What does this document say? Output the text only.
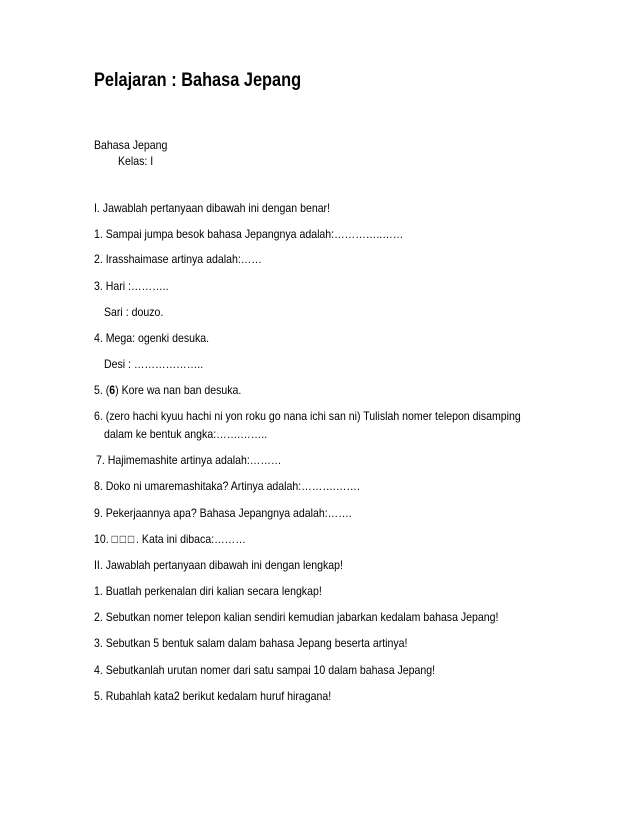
Pelajaran : Bahasa Jepang
Bahasa Jepang
Kelas: I
I. Jawablah pertanyaan dibawah ini dengan benar!
1. Sampai jumpa besok bahasa Jepangnya adalah:…………..……
2. Irasshaimase artinya adalah:……
3. Hari :………..
Sari : douzo.
4. Mega: ogenki desuka.
Desi : ………………..
5. (6) Kore wa nan ban desuka.
6. (zero hachi kyuu hachi ni yon roku go nana ichi san ni) Tulislah nomer telepon disamping
dalam ke bentuk angka:…….……..
7. Hajimemashite artinya adalah:………
8. Doko ni umaremashitaka? Artinya adalah:……….…….
9. Pekerjaannya apa? Bahasa Jepangnya adalah:…….
10. □□□. Kata ini dibaca:………
II. Jawablah pertanyaan dibawah ini dengan lengkap!
1. Buatlah perkenalan diri kalian secara lengkap!
2. Sebutkan nomer telepon kalian sendiri kemudian jabarkan kedalam bahasa Jepang!
3. Sebutkan 5 bentuk salam dalam bahasa Jepang beserta artinya!
4. Sebutkanlah urutan nomer dari satu sampai 10 dalam bahasa Jepang!
5. Rubahlah kata2 berikut kedalam huruf hiragana!
